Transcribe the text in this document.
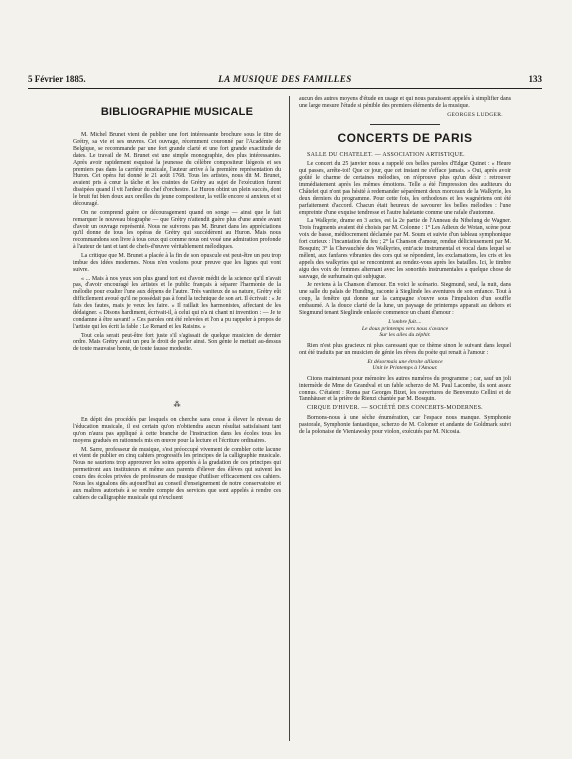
5 Février 1885.	LA MUSIQUE DES FAMILLES	133
BIBLIOGRAPHIE MUSICALE

M. Michel Brunet vient de publier une fort intéressante brochure sous le titre de Grétry, sa vie et ses œuvres. Cet ouvrage, récemment couronné par l'Académie de Belgique, se recommande par une fort grande clarté et une fort grande exactitude de dates. Le travail de M. Brunet est une simple monographie, des plus intéressantes. Après avoir rapidement esquissé la jeunesse du célèbre compositeur liégeois et ses premiers pas dans la carrière musicale, l'auteur arrive à la première représentation du Huron. Cet opéra fut donné le 21 août 1768. Tous les artistes, nous dit M. Brunet, avaient pris à cœur la tâche et les craintes de Grétry au sujet de l'exécution furent dissipées quand il vit l'ardeur du chef d'orchestre. Le Huron obtint un plein succès, dont le bruit fut bien doux aux oreilles du jeune compositeur, la veille encore si anxieux et si découragé.

On ne comprend guère ce découragement quand on songe — ainsi que le fait remarquer le nouveau biographe — que Grétry n'attendit guère plus d'une année avant d'avoir un ouvrage représenté. Nous ne suivrons pas M. Brunet dans les appréciations qu'il donne de tous les opéras de Grétry qui succédèrent au Huron. Mais nous recommandons son livre à tous ceux qui comme nous ont voué une admiration profonde à l'auteur de tant et tant de chefs-d'œuvre véritablement mélodiques.

La critique que M. Brunet a placée à la fin de son opuscule est peut-être un peu trop imbue des idées modernes. Nous n'en voulons pour preuve que les lignes qui vont suivre.

« ... Mais à nos yeux son plus grand tort est d'avoir médit de la science qu'il n'avait pas, d'avoir encouragé les artistes et le public français à séparer l'harmonie de la mélodie pour exalter l'une aux dépens de l'autre. Très vaniteux de sa nature, Grétry eût difficilement avoué qu'il ne possédait pas à fond la technique de son art. Il écrivait : « Je fais des fautes, mais je veux les faire. » Il raillait les harmonistes, affectant de les dédaigner. « Disons hardiment, écrivait-il, à celui qui n'a ni chant ni invention : — Je te condamne à être savant! » Ces paroles ont été relevées et l'on a pu rappeler à propos de l'artiste qui les écrit la fable : Le Renard et les Raisins. »

Tout cela serait peut-être fort juste s'il s'agissait de quelque musicien de dernier ordre. Mais Grétry avait un peu le droit de parler ainsi. Son génie le mettait au-dessus de toute mauvaise honte, de toute fausse modestie.

⁂

En dépit des procédés par lesquels on cherche sans cesse à élever le niveau de l'éducation musicale, il est certain qu'on n'obtiendra aucun résultat satisfaisant tant qu'on n'aura pas appliqué à cette branche de l'instruction dans les écoles tous les moyens gradués en rationnels mis en œuvre pour la lecture et l'écriture ordinaires.

M. Sarre, professeur de musique, s'est préoccupé vivement de combler cette lacune et vient de publier en cinq cahiers progressifs les principes de la calligraphie musicale. Nous ne saurions trop approuver les soins apportés à la gradation de ces principes qui permettront aux instituteurs et même aux parents d'élever des élèves qui suivent les cours des écoles privées de professeurs de musique d'utiliser efficacement ces cahiers. Nous les signalons dès aujourd'hui au conseil d'enseignement de notre conservatoire et aux maîtres autorisés à se rendre compte des services que sont appelés à rendre ces cahiers de calligraphie musicale qui n'excluent

aucun des autres moyens d'étude en usage et qui nous paraissent appelés à simplifier dans une large mesure l'étude si pénible des premiers éléments de la musique.

GEORGES LUDGER.
CONCERTS DE PARIS
SALLE DU CHATELET. — ASSOCIATION ARTISTIQUE.

Le concert du 25 janvier nous a rappelé ces belles paroles d'Edgar Quinet : « Heure qui passes, arrête-toi! Que ce jour, que cet instant ne s'efface jamais. » Oui, après avoir goûté le charme de certaines mélodies, on n'éprouve plus qu'un désir : retrouver immédiatement après les mêmes émotions. Telle a été l'impression des auditeurs du Châtelet qui n'ont pas hésité à redemander séparément deux morceaux de la Walkyrie, les deux derniers du programme. Pour cette fois, les orthodoxes et les wagnériens ont été parfaitement d'accord. Chacun était heureux de savourer les belles mélodies : l'une empreinte d'une exquise tendresse et l'autre haletante comme une rafale d'automne.

La Walkyrie, drame en 3 actes, est la 2e partie de l'Anneau du Nibelung de Wagner. Trois fragments avaient été choisis par M. Colonne : 1° Les Adieux de Wotan, scène pour voix de basse, médiocrement déclamée par M. Soum et suivie d'un tableau symphonique fort curieux : l'incantation du feu ; 2° la Chanson d'amour, rendue délicieusement par M. Bosquin; 3° la Chevauchée des Walkyries, entr'acte instrumental et vocal dans lequel se mêlent, aux fanfares vibrantes des cors qui se répondent, les exclamations, les cris et les appels des walkyries qui se rencontrent au rendez-vous après les batailles. Ici, le timbre aigu des voix de femmes alternant avec les sonorités instrumentales a quelque chose de sauvage, de surhumain qui subjugue.

Je reviens à la Chanson d'amour. En voici le scénario. Siegmund, seul, la nuit, dans une salle du palais de Hunding, raconte à Sieglinde les aventures de son enfance. Tout à coup, la fenêtre qui donne sur la campagne s'ouvre sous l'impulsion d'un souffle embaumé. A la douce clarté de la lune, un paysage de printemps apparait au dehors et Siegmund tenant Sieglinde enlacée commence un chant d'amour :

L'ombre fuit....
Le doux printemps vers nous s'avance
Sur les ailes du zéphir.

Rien n'est plus gracieux ni plus caressant que ce thème sinon le suivant dans lequel ont été traduits par un musicien de génie les rêves du poète qui renait à l'amour :

Et désormais une étroite alliance
Unit le Printemps à l'Amour.

Citons maintenant pour mémoire les autres numéros du programme ; car, sauf un joli intermède de Mme de Grandval et un fable scherzo de M. Paul Lacombe, ils sont assez connus. C'étaient : Roma par Georges Bizet, les ouvertures de Benvenuto Cellini et de Tannhäuser et la prière de Rienzi chantée par M. Bosquin.

CIRQUE D'HIVER. — SOCIÉTÉ DES CONCERTS-MODERNES.

Bornons-nous à une sèche énumération, car l'espace nous manque. Symphonie pastorale, Symphonie fantastique, scherzo de M. Colomer et andante de Goldmark suivi de la polonaise de Vieniawsky pour violon, exécutés par M. Nicosia.
